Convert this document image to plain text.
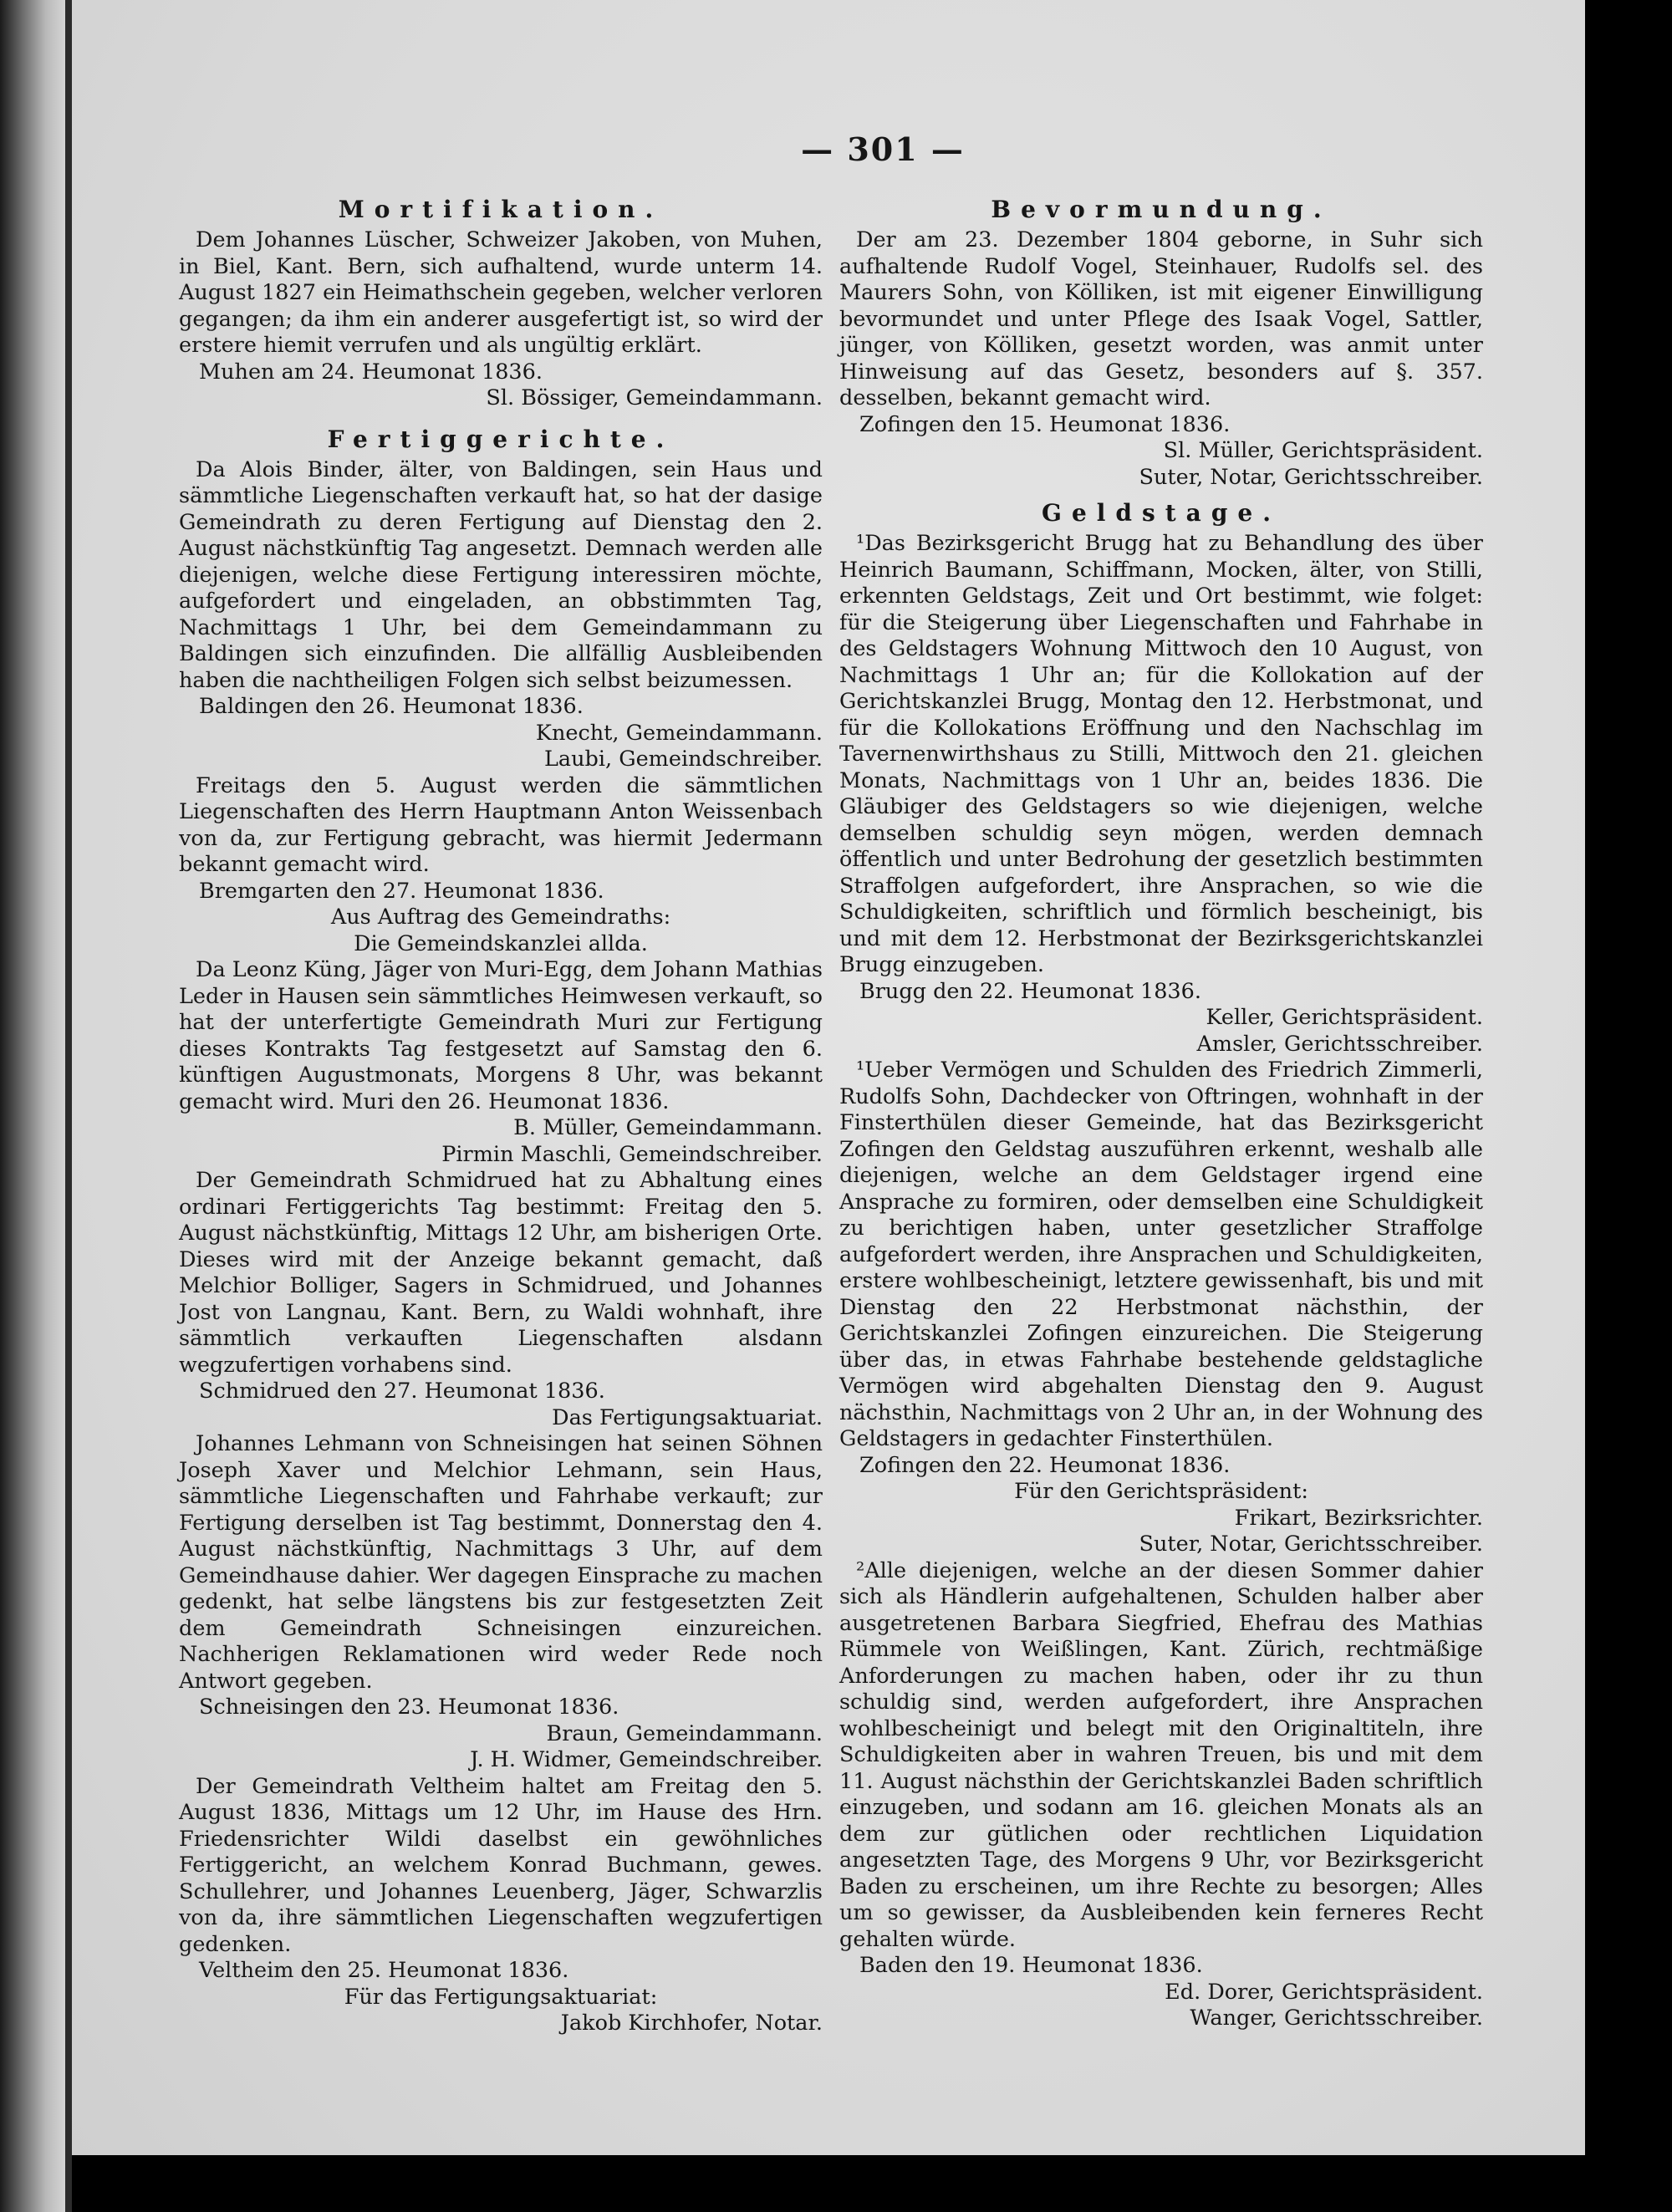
— 301 —
Mortifikation.

Dem Johannes Lüscher, Schweizer Jakoben, von Muhen, in Biel, Kant. Bern, sich aufhaltend, wurde unterm 14. August 1827 ein Heimathschein gegeben, welcher verloren gegangen; da ihm ein anderer ausgefertigt ist, so wird der erstere hiemit verrufen und als ungültig erklärt.

Muhen am 24. Heumonat 1836.
Sl. Bössiger, Gemeindammann.
Fertiggerichte.

Da Alois Binder, älter, von Baldingen, sein Haus und sämmtliche Liegenschaften verkauft hat, so hat der dasige Gemeindrath zu deren Fertigung auf Dienstag den 2. August nächstkünftig Tag angesetzt. Demnach werden alle diejenigen, welche diese Fertigung interessiren möchte, aufgefordert und eingeladen, an obbstimmten Tag, Nachmittags 1 Uhr, bei dem Gemeindammann zu Baldingen sich einzufinden. Die allfällig Ausbleibenden haben die nachtheiligen Folgen sich selbst beizumessen.

Baldingen den 26. Heumonat 1836.
Knecht, Gemeindammann.
Laubi, Gemeindschreiber.

Freitags den 5. August werden die sämmtlichen Liegenschaften des Herrn Hauptmann Anton Weissenbach von da, zur Fertigung gebracht, was hiermit Jedermann bekannt gemacht wird.

Bremgarten den 27. Heumonat 1836.
Aus Auftrag des Gemeindraths:
Die Gemeindskanzlei allda.

Da Leonz Küng, Jäger von Muri-Egg, dem Johann Mathias Leder in Hausen sein sämmtliches Heimwesen verkauft, so hat der unterfertigte Gemeindrath Muri zur Fertigung dieses Kontrakts Tag festgesetzt auf Samstag den 6. künftigen Augustmonats, Morgens 8 Uhr, was bekannt gemacht wird. Muri den 26. Heumonat 1836.

B. Müller, Gemeindammann.
Pirmin Maschli, Gemeindschreiber.

Der Gemeindrath Schmidrued hat zu Abhaltung eines ordinari Fertiggerichts Tag bestimmt: Freitag den 5. August nächstkünftig, Mittags 12 Uhr, am bisherigen Orte. Dieses wird mit der Anzeige bekannt gemacht, daß Melchior Bolliger, Sagers in Schmidrued, und Johannes Jost von Langnau, Kant. Bern, zu Waldi wohnhaft, ihre sämmtlich verkauften Liegenschaften alsdann wegzufertigen vorhabens sind.

Schmidrued den 27. Heumonat 1836.
Das Fertigungsaktuariat.

Johannes Lehmann von Schneisingen hat seinen Söhnen Joseph Xaver und Melchior Lehmann, sein Haus, sämmtliche Liegenschaften und Fahrhabe verkauft; zur Fertigung derselben ist Tag bestimmt, Donnerstag den 4. August nächstkünftig, Nachmittags 3 Uhr, auf dem Gemeindhause dahier. Wer dagegen Einsprache zu machen gedenkt, hat selbe längstens bis zur festgesetzten Zeit dem Gemeindrath Schneisingen einzureichen. Nachherigen Reklamationen wird weder Rede noch Antwort gegeben.

Schneisingen den 23. Heumonat 1836.
Braun, Gemeindammann.
J. H. Widmer, Gemeindschreiber.

Der Gemeindrath Veltheim haltet am Freitag den 5. August 1836, Mittags um 12 Uhr, im Hause des Hrn. Friedensrichter Wildi daselbst ein gewöhnliches Fertiggericht, an welchem Konrad Buchmann, gewes. Schullehrer, und Johannes Leuenberg, Jäger, Schwarzlis von da, ihre sämmtlichen Liegenschaften wegzufertigen gedenken.

Veltheim den 25. Heumonat 1836.
Für das Fertigungsaktuariat:
Jakob Kirchhofer, Notar.
Bevormundung.

Der am 23. Dezember 1804 geborne, in Suhr sich aufhaltende Rudolf Vogel, Steinhauer, Rudolfs sel. des Maurers Sohn, von Kölliken, ist mit eigener Einwilligung bevormundet und unter Pflege des Isaak Vogel, Sattler, jünger, von Kölliken, gesetzt worden, was anmit unter Hinweisung auf das Gesetz, besonders auf §. 357. desselben, bekannt gemacht wird.

Zofingen den 15. Heumonat 1836.
Sl. Müller, Gerichtspräsident.
Suter, Notar, Gerichtsschreiber.
Geldstage.

¹Das Bezirksgericht Brugg hat zu Behandlung des über Heinrich Baumann, Schiffmann, Mocken, älter, von Stilli, erkennten Geldstags, Zeit und Ort bestimmt, wie folget: für die Steigerung über Liegenschaften und Fahrhabe in des Geldstagers Wohnung Mittwoch den 10 August, von Nachmittags 1 Uhr an; für die Kollokation auf der Gerichtskanzlei Brugg, Montag den 12. Herbstmonat, und für die Kollokations Eröffnung und den Nachschlag im Tavernenwirthshaus zu Stilli, Mittwoch den 21. gleichen Monats, Nachmittags von 1 Uhr an, beides 1836. Die Gläubiger des Geldstagers so wie diejenigen, welche demselben schuldig seyn mögen, werden demnach öffentlich und unter Bedrohung der gesetzlich bestimmten Straffolgen aufgefordert, ihre Ansprachen, so wie die Schuldigkeiten, schriftlich und förmlich bescheinigt, bis und mit dem 12. Herbstmonat der Bezirksgerichtskanzlei Brugg einzugeben.

Brugg den 22. Heumonat 1836.
Keller, Gerichtspräsident.
Amsler, Gerichtsschreiber.

¹Ueber Vermögen und Schulden des Friedrich Zimmerli, Rudolfs Sohn, Dachdecker von Oftringen, wohnhaft in der Finsterthülen dieser Gemeinde, hat das Bezirksgericht Zofingen den Geldstag auszuführen erkennt, weshalb alle diejenigen, welche an dem Geldstager irgend eine Ansprache zu formiren, oder demselben eine Schuldigkeit zu berichtigen haben, unter gesetzlicher Straffolge aufgefordert werden, ihre Ansprachen und Schuldigkeiten, erstere wohlbescheinigt, letztere gewissenhaft, bis und mit Dienstag den 22 Herbstmonat nächsthin, der Gerichtskanzlei Zofingen einzureichen. Die Steigerung über das, in etwas Fahrhabe bestehende geldstagliche Vermögen wird abgehalten Dienstag den 9. August nächsthin, Nachmittags von 2 Uhr an, in der Wohnung des Geldstagers in gedachter Finsterthülen.

Zofingen den 22. Heumonat 1836.
Für den Gerichtspräsident:
Frikart, Bezirksrichter.
Suter, Notar, Gerichtsschreiber.

²Alle diejenigen, welche an der diesen Sommer dahier sich als Händlerin aufgehaltenen, Schulden halber aber ausgetretenen Barbara Siegfried, Ehefrau des Mathias Rümmele von Weißlingen, Kant. Zürich, rechtmäßige Anforderungen zu machen haben, oder ihr zu thun schuldig sind, werden aufgefordert, ihre Ansprachen wohlbescheinigt und belegt mit den Originaltiteln, ihre Schuldigkeiten aber in wahren Treuen, bis und mit dem 11. August nächsthin der Gerichtskanzlei Baden schriftlich einzugeben, und sodann am 16. gleichen Monats als an dem zur gütlichen oder rechtlichen Liquidation angesetzten Tage, des Morgens 9 Uhr, vor Bezirksgericht Baden zu erscheinen, um ihre Rechte zu besorgen; Alles um so gewisser, da Ausbleibenden kein ferneres Recht gehalten würde.

Baden den 19. Heumonat 1836.
Ed. Dorer, Gerichtspräsident.
Wanger, Gerichtsschreiber.
